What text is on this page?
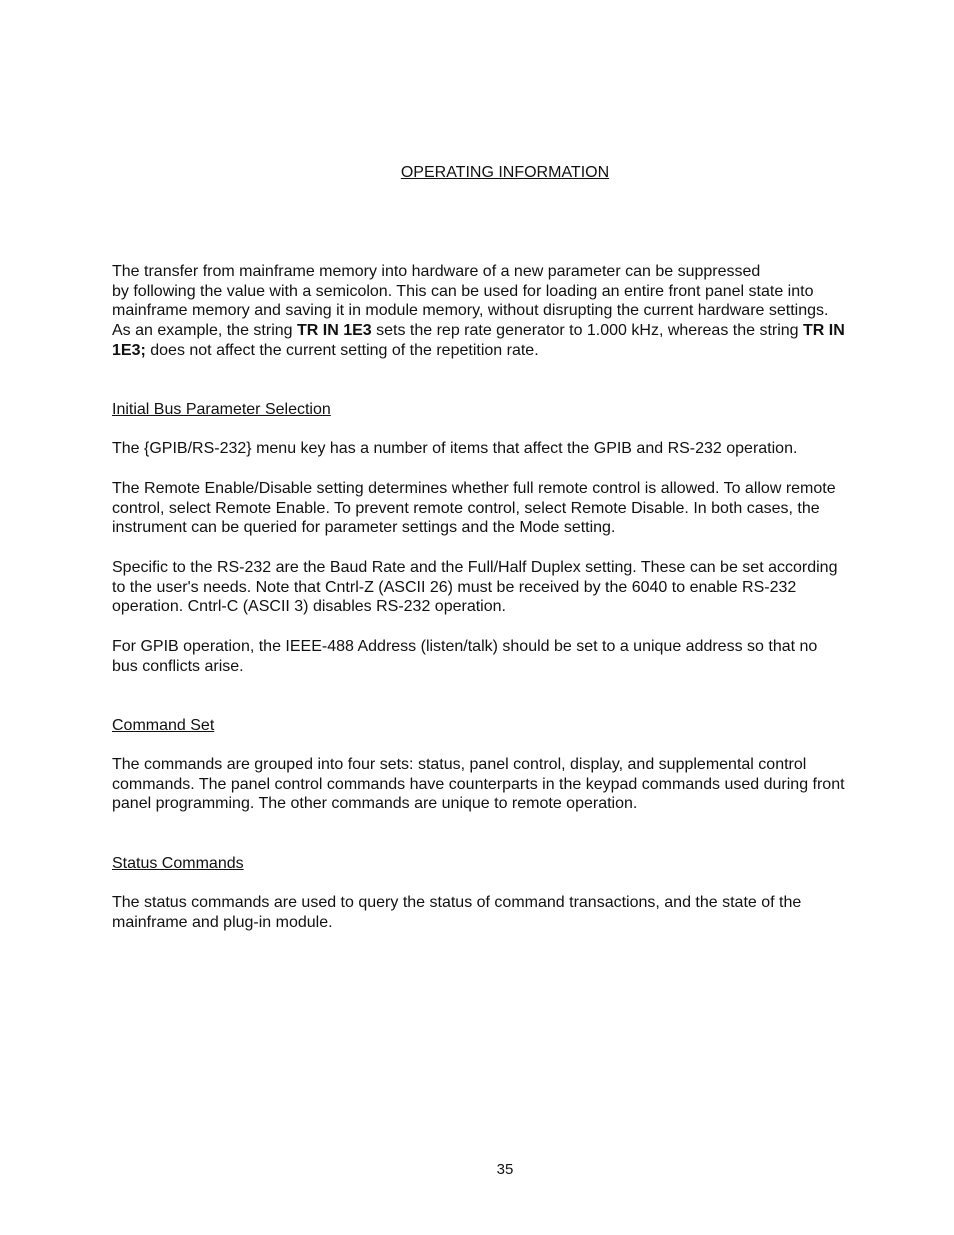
OPERATING INFORMATION

The transfer from mainframe memory into hardware of a new parameter can be suppressed
by following the value with a semicolon. This can be used for loading an entire front panel state into
mainframe memory and saving it in module memory, without disrupting the current hardware settings.
As an example, the string TR IN 1E3 sets the rep rate generator to 1.000 kHz, whereas the string TR IN
1E3; does not affect the current setting of the repetition rate.

Initial Bus Parameter Selection

The {GPIB/RS-232} menu key has a number of items that affect the GPIB and RS-232 operation.

The Remote Enable/Disable setting determines whether full remote control is allowed. To allow remote
control, select Remote Enable. To prevent remote control, select Remote Disable. In both cases, the
instrument can be queried for parameter settings and the Mode setting.

Specific to the RS-232 are the Baud Rate and the Full/Half Duplex setting. These can be set according
to the user's needs. Note that Cntrl-Z (ASCII 26) must be received by the 6040 to enable RS-232
operation. Cntrl-C (ASCII 3) disables RS-232 operation.

For GPIB operation, the IEEE-488 Address (listen/talk) should be set to a unique address so that no
bus conflicts arise.

Command Set

The commands are grouped into four sets: status, panel control, display, and supplemental control
commands. The panel control commands have counterparts in the keypad commands used during front
panel programming. The other commands are unique to remote operation.

Status Commands

The status commands are used to query the status of command transactions, and the state of the
mainframe and plug-in module.

35
